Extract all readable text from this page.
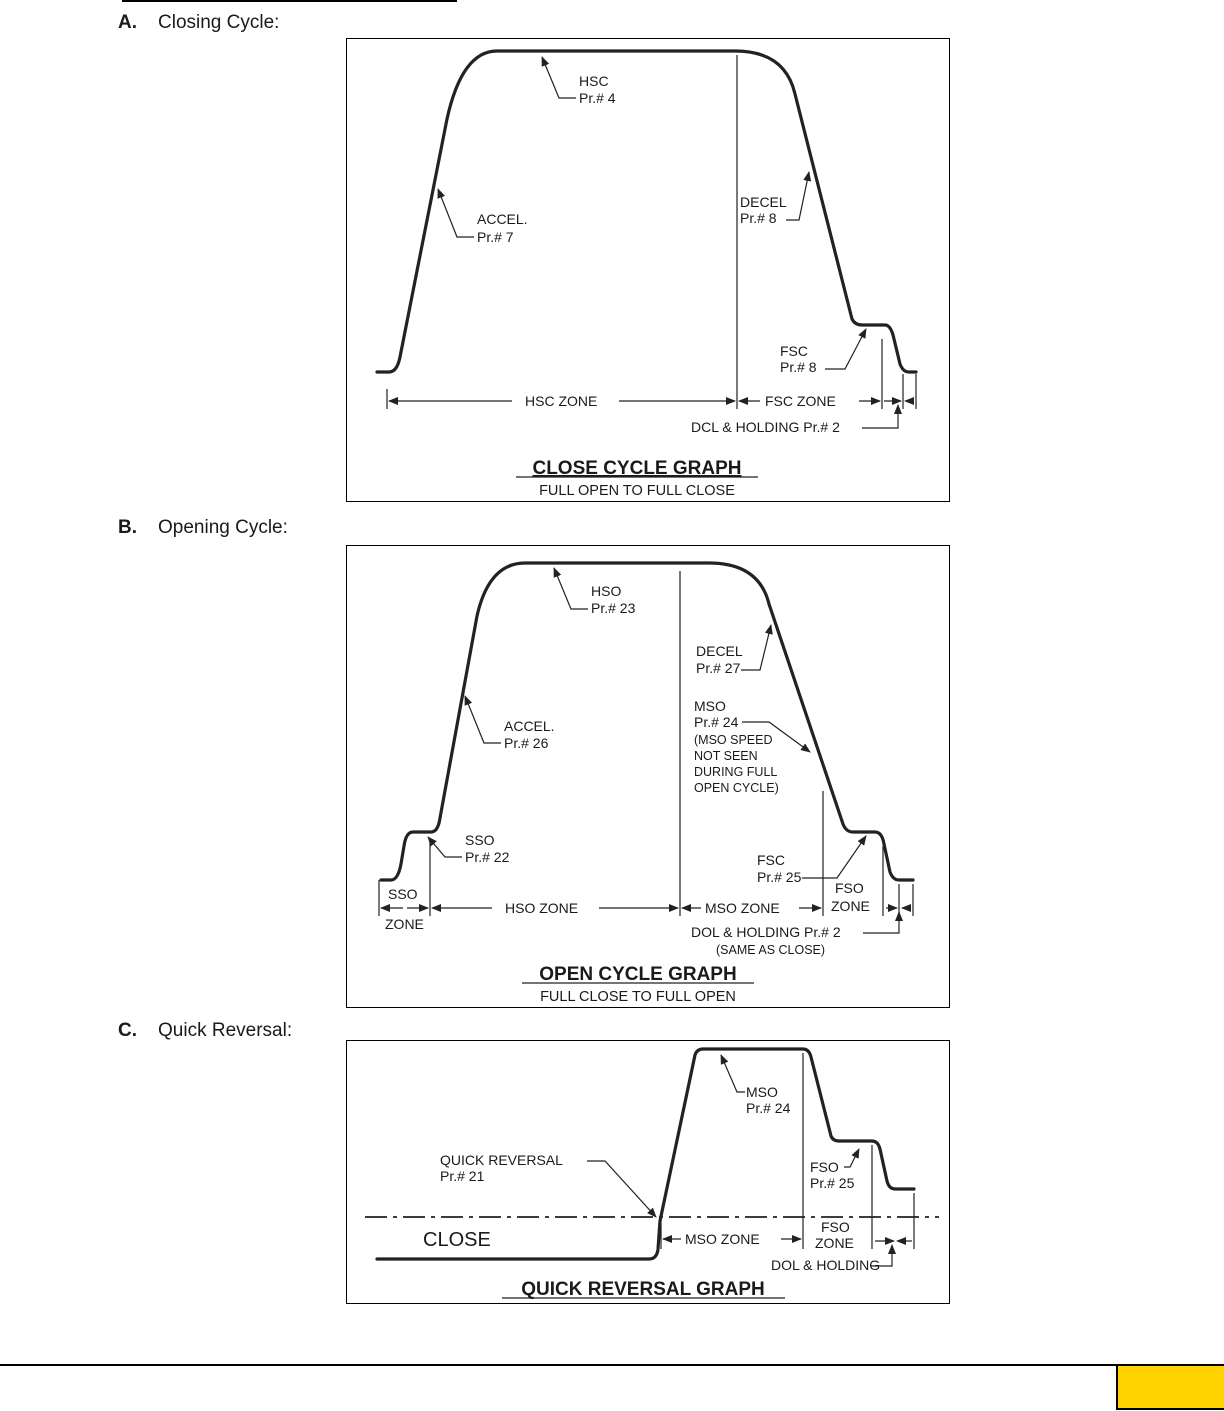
A. Closing Cycle:
HSC
Pr.# 4
ACCEL.
Pr.# 7
DECEL
Pr.# 8
FSC
Pr.# 8
HSC ZONE	FSC ZONE
DCL & HOLDING Pr.# 2
CLOSE CYCLE GRAPH
FULL OPEN TO FULL CLOSE
B. Opening Cycle:
HSO
Pr.# 23
DECEL
Pr.# 27
MSO
Pr.# 24
(MSO SPEED
NOT SEEN
DURING FULL
OPEN CYCLE)
ACCEL.
Pr.# 26
SSO
Pr.# 22	FSC
Pr.# 25
FSO
SSO
ZONE
HSO ZONE	MSO ZONE	ZONE
DOL & HOLDING Pr.# 2
(SAME AS CLOSE)
OPEN CYCLE GRAPH
FULL CLOSE TO FULL OPEN
C. Quick Reversal:
MSO
Pr.# 24
QUICK REVERSAL
Pr.# 21
FSO
Pr.# 25
CLOSE	MSO ZONE
FSO
ZONE
DOL & HOLDING
QUICK REVERSAL GRAPH
